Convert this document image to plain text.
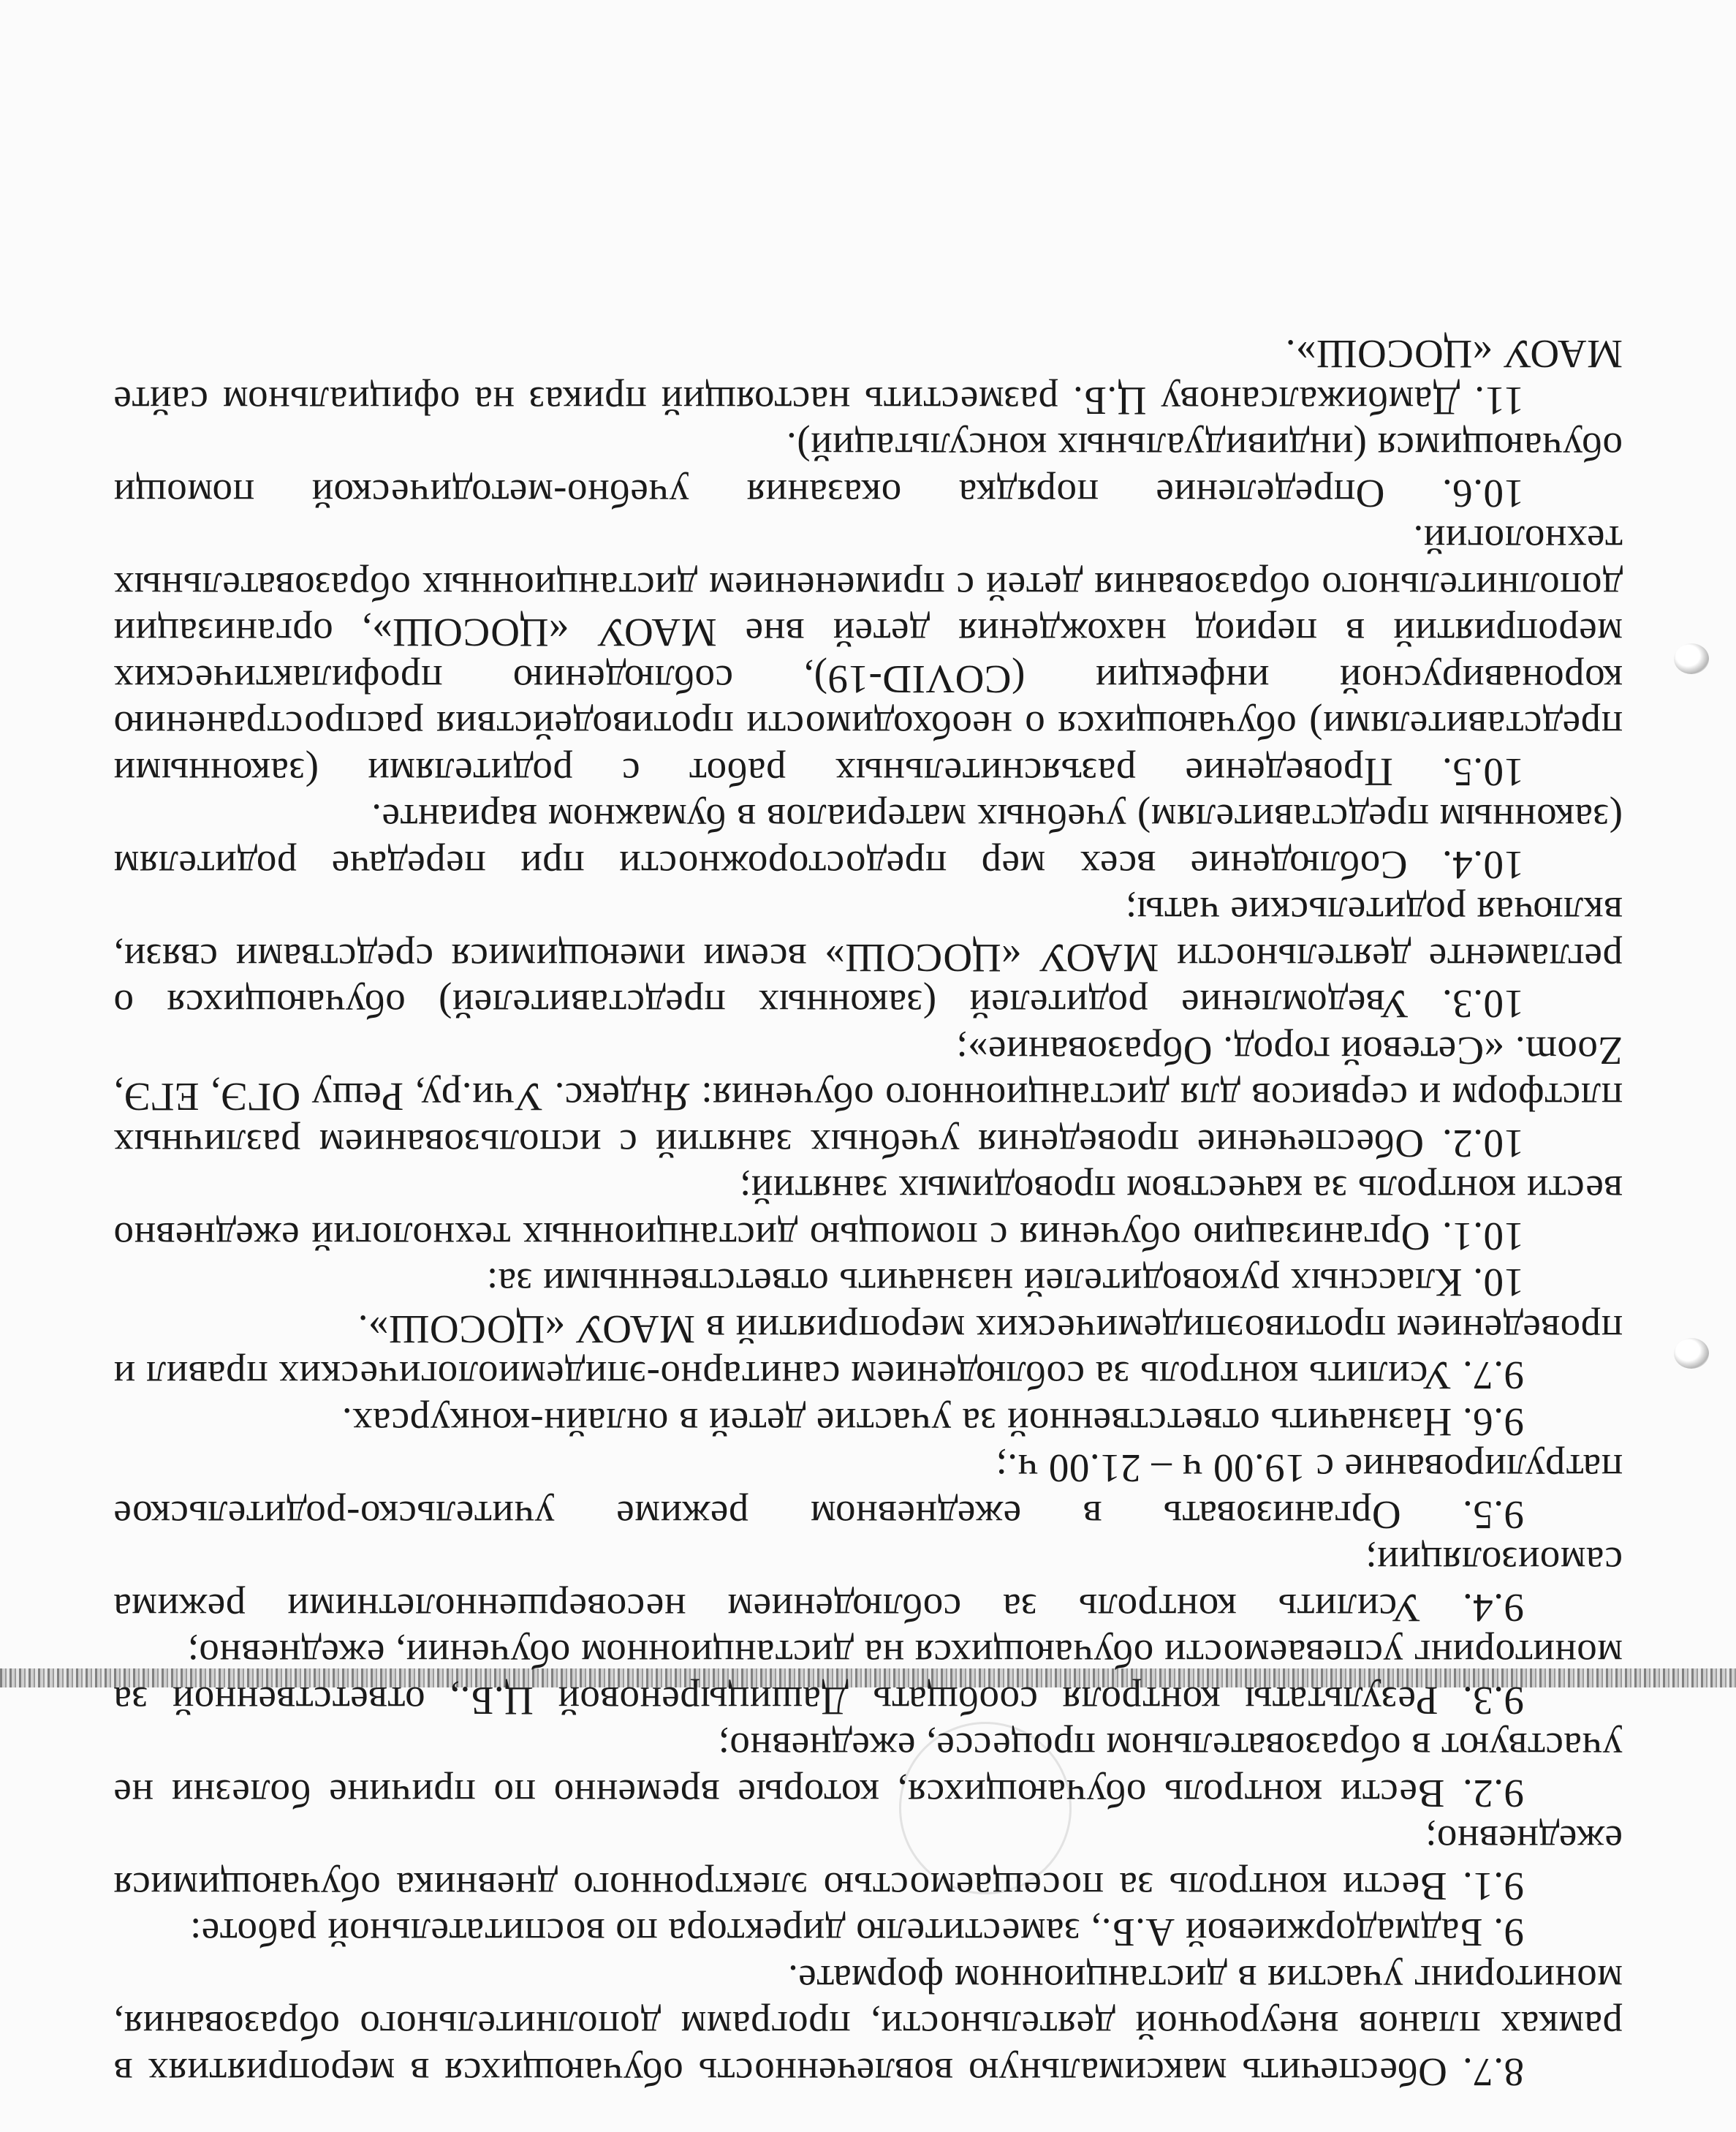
8.7. Обеспечить максимальную вовлеченность обучающихся в мероприятиях в рамках планов внеурочной деятельности, программ дополнительного образования, мониторинг участия в дистанционном формате.

9. Бадмадоржиевой А.Б., заместителю директора по воспитательной работе:

9.1. Вести контроль за посещаемостью электронного дневника обучающимися ежедневно;

9.2. Вести контроль обучающихся, которые временно по причине болезни не участвуют в образовательном процессе, ежедневно;

9.3. Результаты контроля сообщать Дашицыреновой Ц.Б., ответственной за мониторинг успеваемости обучающихся на дистанционном обучении, ежедневно;

9.4. Усилить контроль за соблюдением несовершеннолетними режима самоизоляции;

9.5. Организовать в ежедневном режиме учительско-родительское патрулирование с 19.00 ч – 21.00 ч.;

9.6. Назначить ответственной за участие детей в онлайн-конкурсах.

9.7. Усилить контроль за соблюдением санитарно-эпидемиологических правил и проведением противоэпидемических мероприятий в МАОУ «ЦОСОШ».

10. Классных руководителей назначить ответственными за:

10.1. Организацию обучения с помощью дистанционных технологий ежедневно вести контроль за качеством проводимых занятий;

10.2. Обеспечение проведения учебных занятий с использованием различных плстформ и сервисов для дистанционного обучения: Яндекс. Учи.ру, Решу ОГЭ, ЕГЭ, Zoom. «Сетевой город. Образование»;

10.3. Уведомление родителей (законных представителей) обучающихся о регламенте деятельности МАОУ «ЦОСОШ» всеми имеющимися средствами связи, включая родительские чаты;

10.4. Соблюдение всех мер предосторожности при передаче родителям (законным представителям) учебных материалов в бумажном варианте.

10.5. Проведение разъяснительных работ с родителями (законными представителями) обучающихся о необходимости противодействия распространению коронавирусной инфекции (COVID-19), соблюдению профилактических мероприятий в период нахождения детей вне МАОУ «ЦОСОШ», организации дополнительного образования детей с применением дистанционных образовательных технологий.

10.6. Определение порядка оказания учебно-методической помощи обучающимся (индивидуальных консультаций).

11. Дамбижалсанову Ц.Б. разместить настоящий приказ на официальном сайте МАОУ «ЦОСОШ».
